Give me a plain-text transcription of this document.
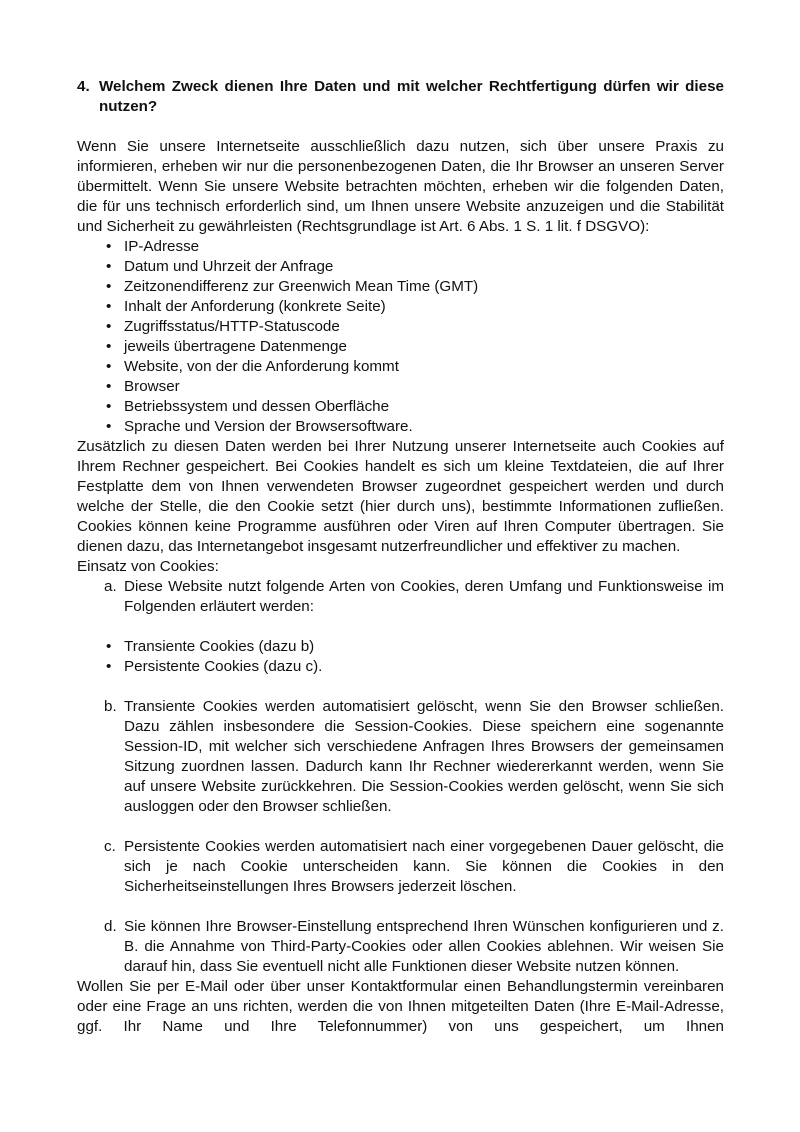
4. Welchem Zweck dienen Ihre Daten und mit welcher Rechtfertigung dürfen wir diese nutzen?

Wenn Sie unsere Internetseite ausschließlich dazu nutzen, sich über unsere Praxis zu informieren, erheben wir nur die personenbezogenen Daten, die Ihr Browser an unseren Server übermittelt. Wenn Sie unsere Website betrachten möchten, erheben wir die folgenden Daten, die für uns technisch erforderlich sind, um Ihnen unsere Website anzuzeigen und die Stabilität und Sicherheit zu gewährleisten (Rechtsgrundlage ist Art. 6 Abs. 1 S. 1 lit. f DSGVO):

• IP-Adresse
• Datum und Uhrzeit der Anfrage
• Zeitzonendifferenz zur Greenwich Mean Time (GMT)
• Inhalt der Anforderung (konkrete Seite)
• Zugriffsstatus/HTTP-Statuscode
• jeweils übertragene Datenmenge
• Website, von der die Anforderung kommt
• Browser
• Betriebssystem und dessen Oberfläche
• Sprache und Version der Browsersoftware.

Zusätzlich zu diesen Daten werden bei Ihrer Nutzung unserer Internetseite auch Cookies auf Ihrem Rechner gespeichert. Bei Cookies handelt es sich um kleine Textdateien, die auf Ihrer Festplatte dem von Ihnen verwendeten Browser zugeordnet gespeichert werden und durch welche der Stelle, die den Cookie setzt (hier durch uns), bestimmte Informationen zufließen. Cookies können keine Programme ausführen oder Viren auf Ihren Computer übertragen. Sie dienen dazu, das Internetangebot insgesamt nutzerfreundlicher und effektiver zu machen.

Einsatz von Cookies:

a. Diese Website nutzt folgende Arten von Cookies, deren Umfang und Funktionsweise im Folgenden erläutert werden:
• Transiente Cookies (dazu b)
• Persistente Cookies (dazu c).
b. Transiente Cookies werden automatisiert gelöscht, wenn Sie den Browser schließen. Dazu zählen insbesondere die Session-Cookies. Diese speichern eine sogenannte Session-ID, mit welcher sich verschiedene Anfragen Ihres Browsers der gemeinsamen Sitzung zuordnen lassen. Dadurch kann Ihr Rechner wiedererkannt werden, wenn Sie auf unsere Website zurückkehren. Die Session-Cookies werden gelöscht, wenn Sie sich ausloggen oder den Browser schließen.
c. Persistente Cookies werden automatisiert nach einer vorgegebenen Dauer gelöscht, die sich je nach Cookie unterscheiden kann. Sie können die Cookies in den Sicherheitseinstellungen Ihres Browsers jederzeit löschen.
d. Sie können Ihre Browser-Einstellung entsprechend Ihren Wünschen konfigurieren und z. B. die Annahme von Third-Party-Cookies oder allen Cookies ablehnen. Wir weisen Sie darauf hin, dass Sie eventuell nicht alle Funktionen dieser Website nutzen können.

Wollen Sie per E-Mail oder über unser Kontaktformular einen Behandlungstermin vereinbaren oder eine Frage an uns richten, werden die von Ihnen mitgeteilten Daten (Ihre E-Mail-Adresse, ggf. Ihr Name und Ihre Telefonnummer) von uns gespeichert, um Ihnen
